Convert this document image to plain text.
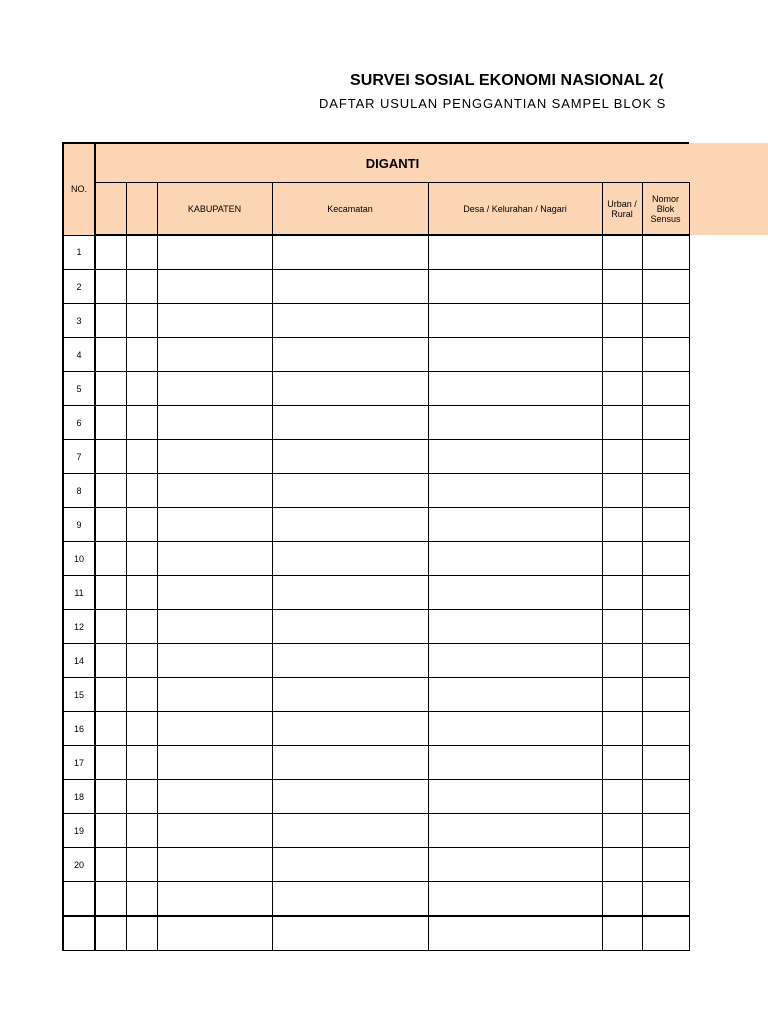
SURVEI SOSIAL EKONOMI NASIONAL 2(
DAFTAR USULAN PENGGANTIAN SAMPEL BLOK S
NO.	DIGANTI						
			KABUPATEN	Kecamatan	Desa / Kelurahan / Nagari	Urban / Rural	Nomor Blok Sensus
1							
2							
3							
4							
5							
6							
7							
8							
9							
10							
11							
12							
14							
15							
16							
17							
18							
19							
20							
